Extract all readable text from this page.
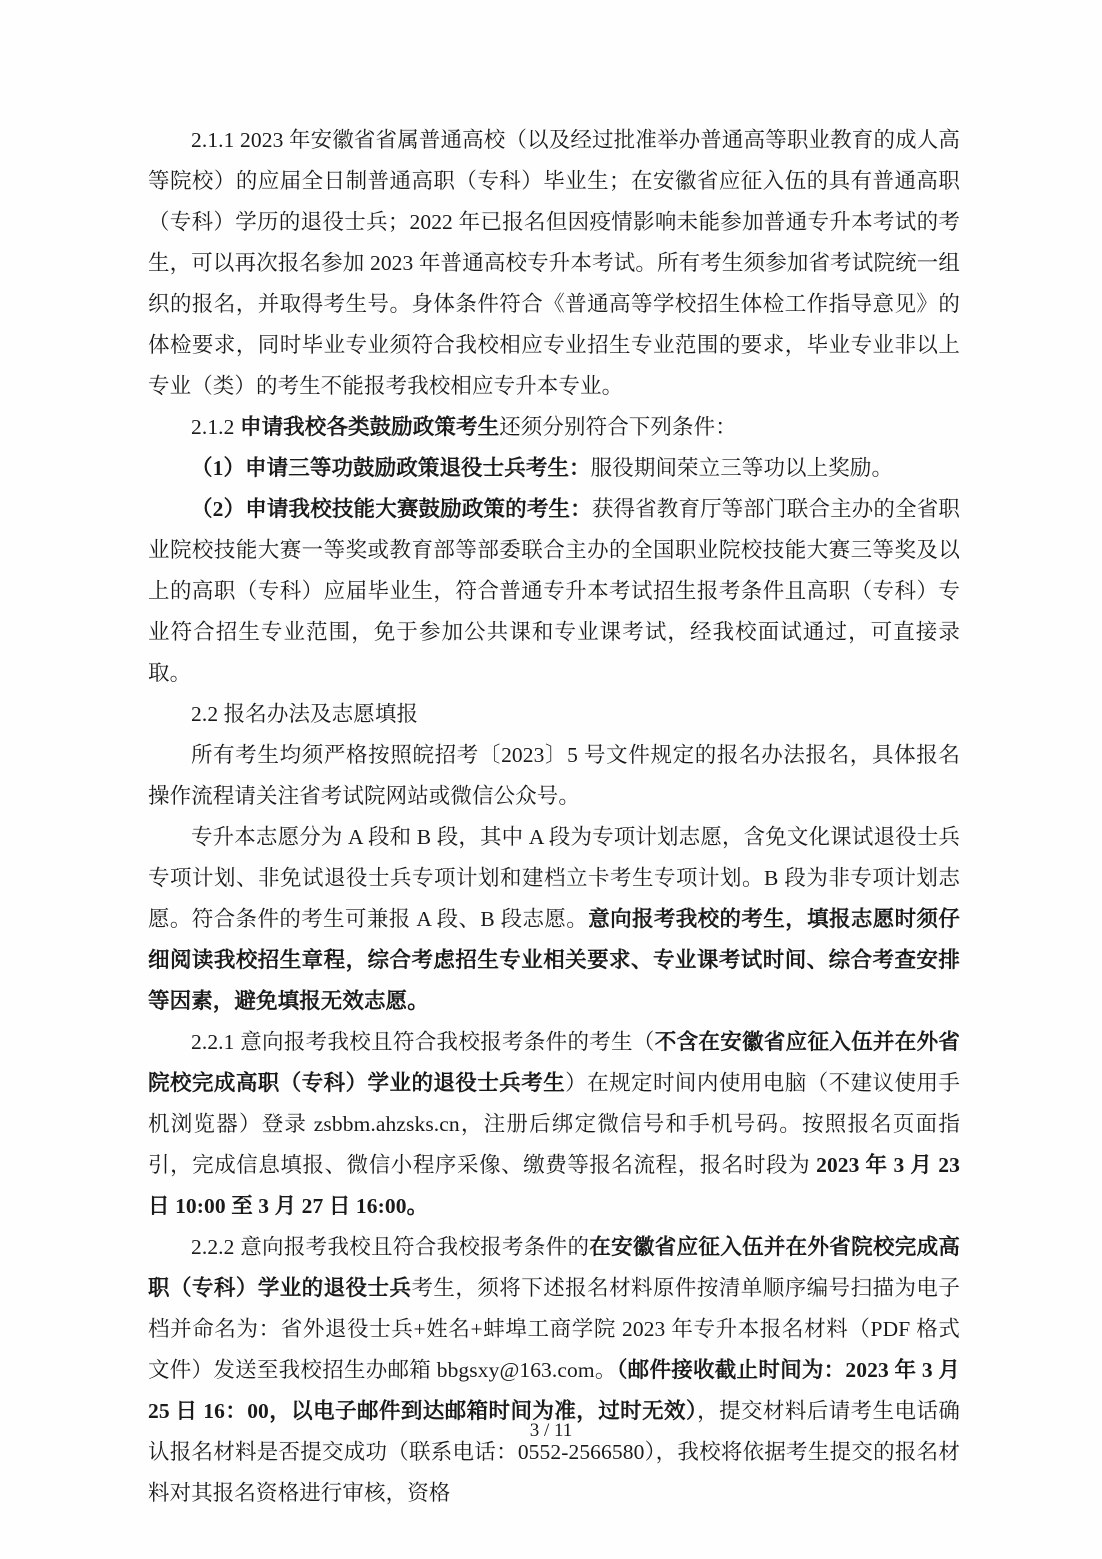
2.1.1 2023 年安徽省省属普通高校（以及经过批准举办普通高等职业教育的成人高等院校）的应届全日制普通高职（专科）毕业生；在安徽省应征入伍的具有普通高职（专科）学历的退役士兵；2022 年已报名但因疫情影响未能参加普通专升本考试的考生，可以再次报名参加 2023 年普通高校专升本考试。所有考生须参加省考试院统一组织的报名，并取得考生号。身体条件符合《普通高等学校招生体检工作指导意见》的体检要求，同时毕业专业须符合我校相应专业招生专业范围的要求，毕业专业非以上专业（类）的考生不能报考我校相应专升本专业。

2.1.2 申请我校各类鼓励政策考生还须分别符合下列条件：

（1）申请三等功鼓励政策退役士兵考生：服役期间荣立三等功以上奖励。

（2）申请我校技能大赛鼓励政策的考生：获得省教育厅等部门联合主办的全省职业院校技能大赛一等奖或教育部等部委联合主办的全国职业院校技能大赛三等奖及以上的高职（专科）应届毕业生，符合普通专升本考试招生报考条件且高职（专科）专业符合招生专业范围，免于参加公共课和专业课考试，经我校面试通过，可直接录取。

2.2 报名办法及志愿填报

所有考生均须严格按照皖招考〔2023〕5 号文件规定的报名办法报名，具体报名操作流程请关注省考试院网站或微信公众号。

专升本志愿分为 A 段和 B 段，其中 A 段为专项计划志愿，含免文化课试退役士兵专项计划、非免试退役士兵专项计划和建档立卡考生专项计划。B 段为非专项计划志愿。符合条件的考生可兼报 A 段、B 段志愿。意向报考我校的考生，填报志愿时须仔细阅读我校招生章程，综合考虑招生专业相关要求、专业课考试时间、综合考查安排等因素，避免填报无效志愿。

2.2.1 意向报考我校且符合我校报考条件的考生（不含在安徽省应征入伍并在外省院校完成高职（专科）学业的退役士兵考生）在规定时间内使用电脑（不建议使用手机浏览器）登录 zsbbm.ahzsks.cn，注册后绑定微信号和手机号码。按照报名页面指引，完成信息填报、微信小程序采像、缴费等报名流程，报名时段为 2023 年 3 月 23 日 10:00 至 3 月 27 日 16:00。

2.2.2 意向报考我校且符合我校报考条件的在安徽省应征入伍并在外省院校完成高职（专科）学业的退役士兵考生，须将下述报名材料原件按清单顺序编号扫描为电子档并命名为：省外退役士兵+姓名+蚌埠工商学院 2023 年专升本报名材料（PDF 格式文件）发送至我校招生办邮箱 bbgsxy@163.com。（邮件接收截止时间为：2023 年 3 月 25 日 16：00，以电子邮件到达邮箱时间为准，过时无效），提交材料后请考生电话确认报名材料是否提交成功（联系电话：0552-2566580），我校将依据考生提交的报名材料对其报名资格进行审核，资格

3 / 11
